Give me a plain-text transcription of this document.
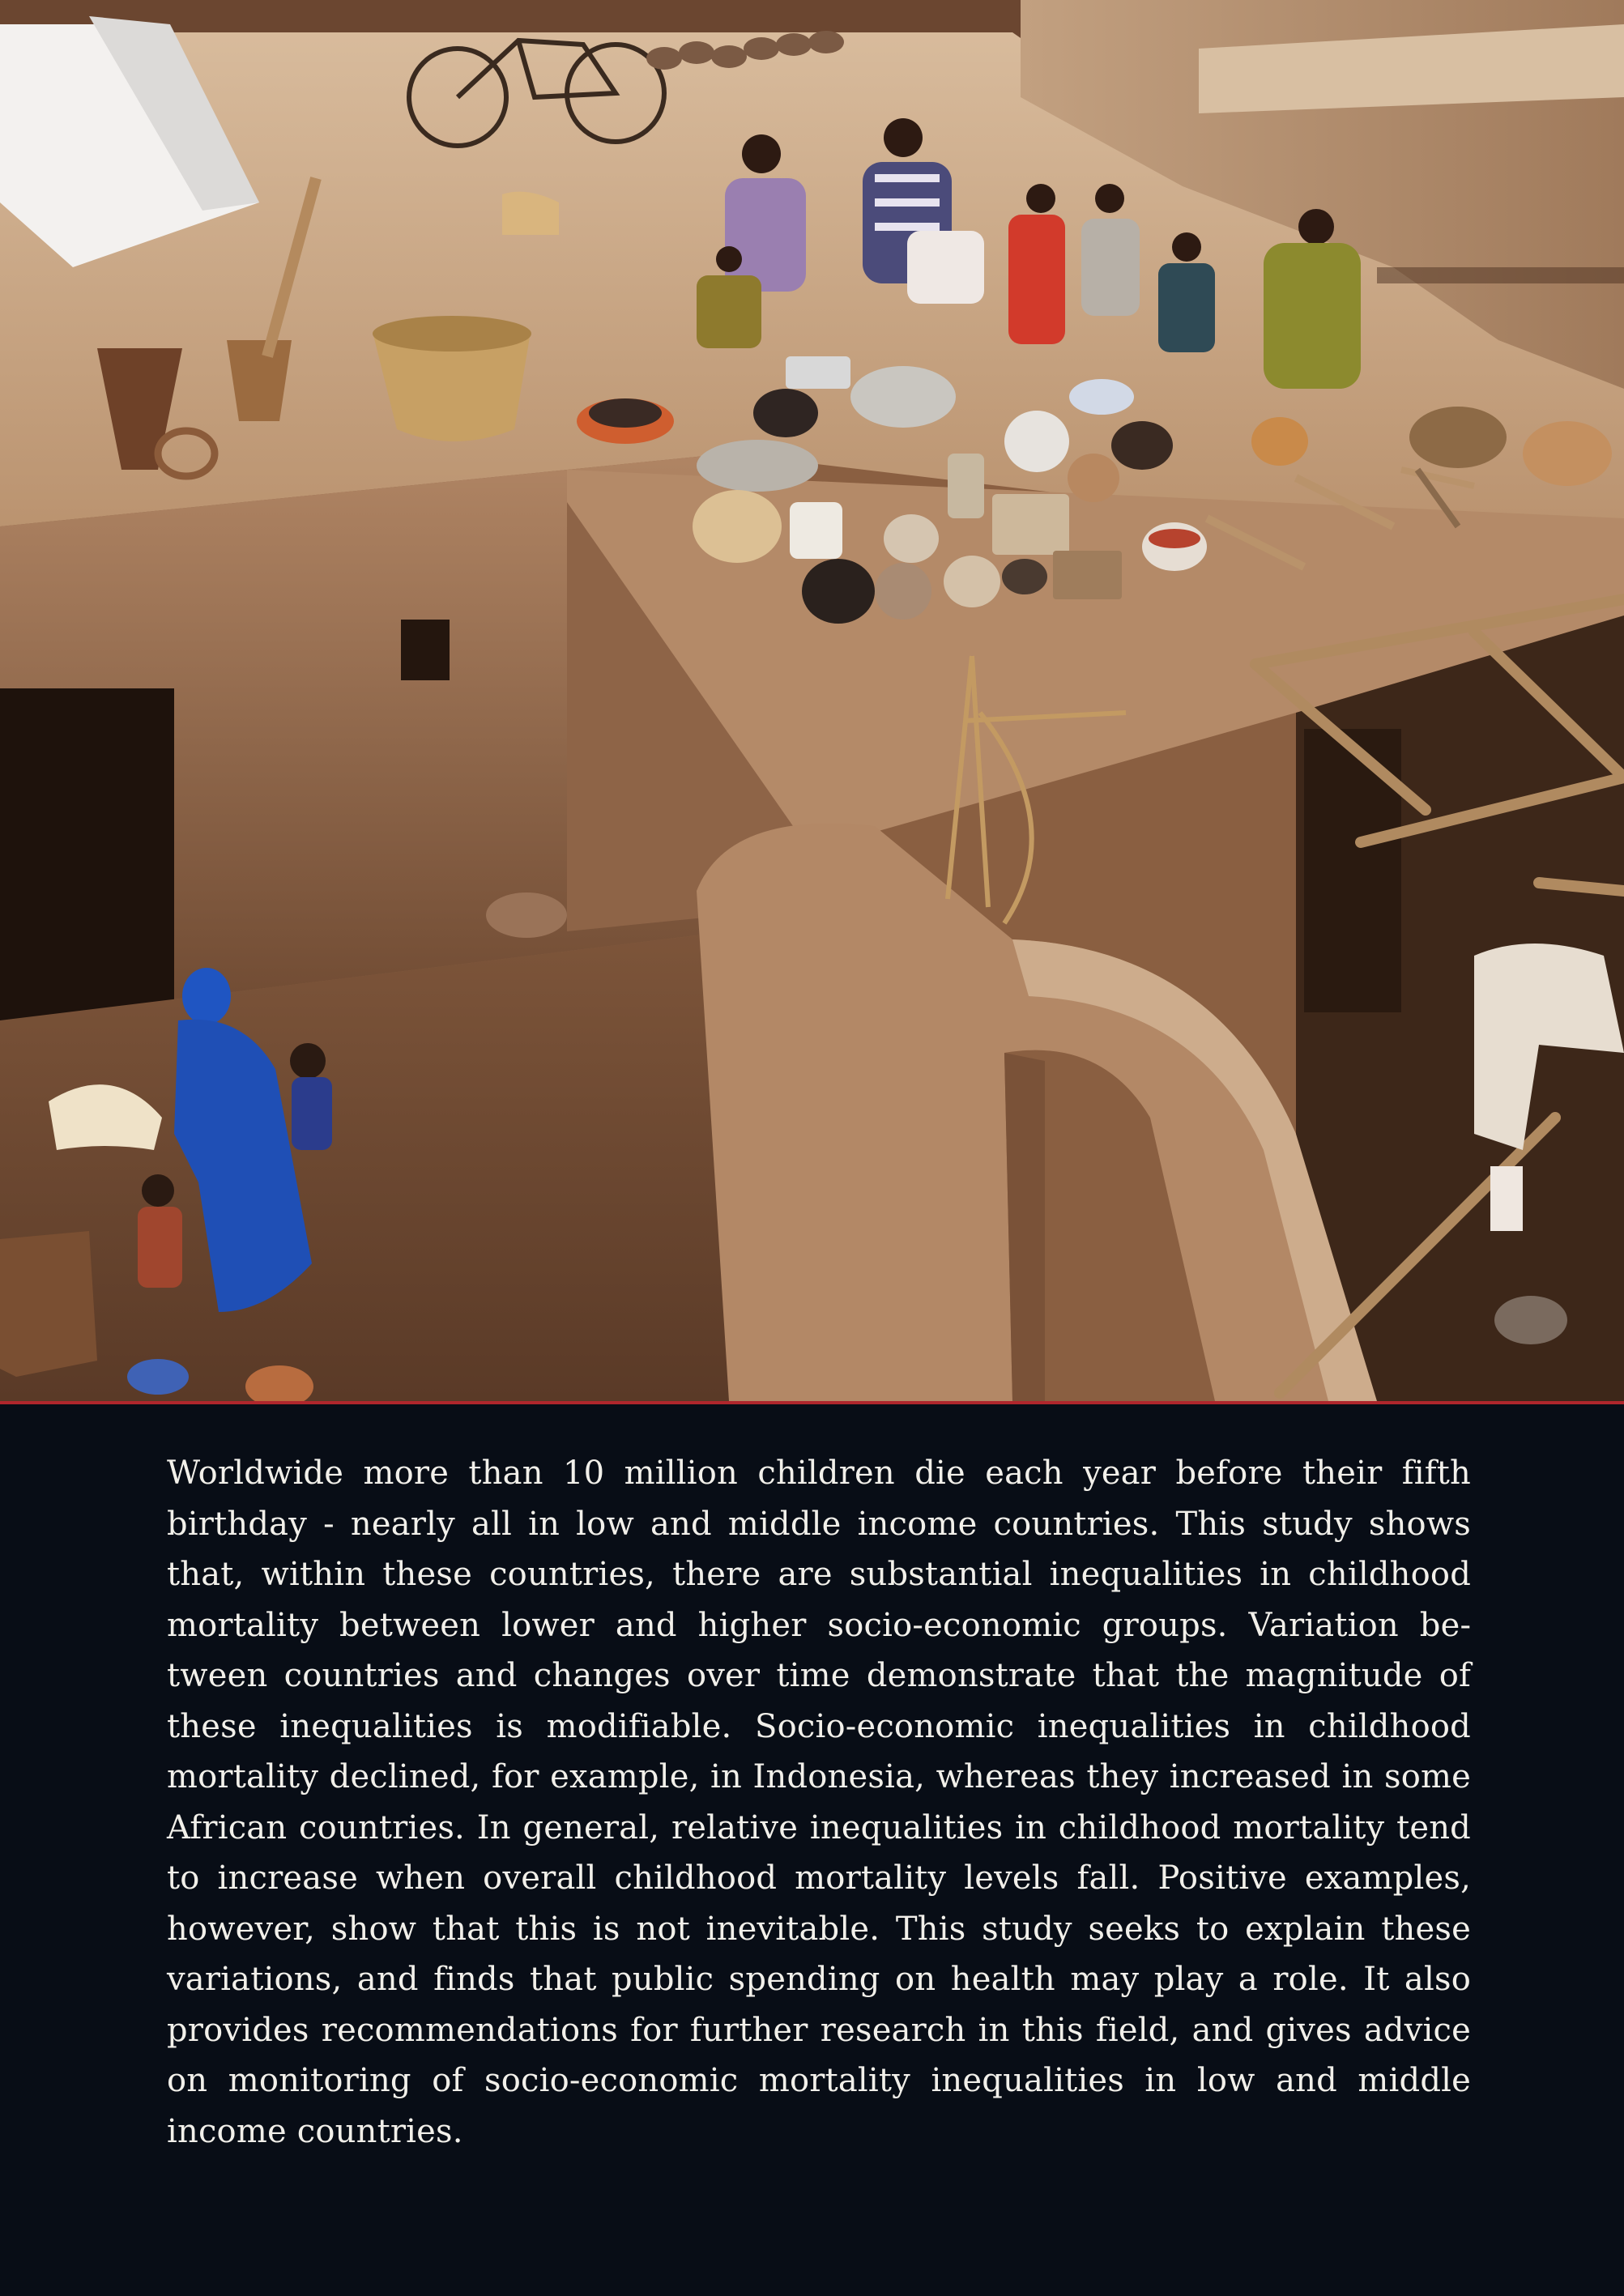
Worldwide more than 10 million children die each year before their fifth birthday - nearly all in low and middle income countries. This study shows that, within these countries, there are substantial inequalities in childhood mortality between lower and higher socio-economic groups. Variation between countries and changes over time demonstrate that the magnitude of these inequalities is modifiable. Socio-economic inequalities in childhood mortality declined, for example, in Indonesia, whereas they increased in some African countries. In general, relative inequalities in childhood mortality tend to increase when overall childhood mortality levels fall. Positive examples, however, show that this is not inevitable. This study seeks to explain these variations, and finds that public spending on health may play a role. It also provides recommendations for further research in this field, and gives advice on monitoring of socio-economic mortality inequalities in low and middle income countries.
